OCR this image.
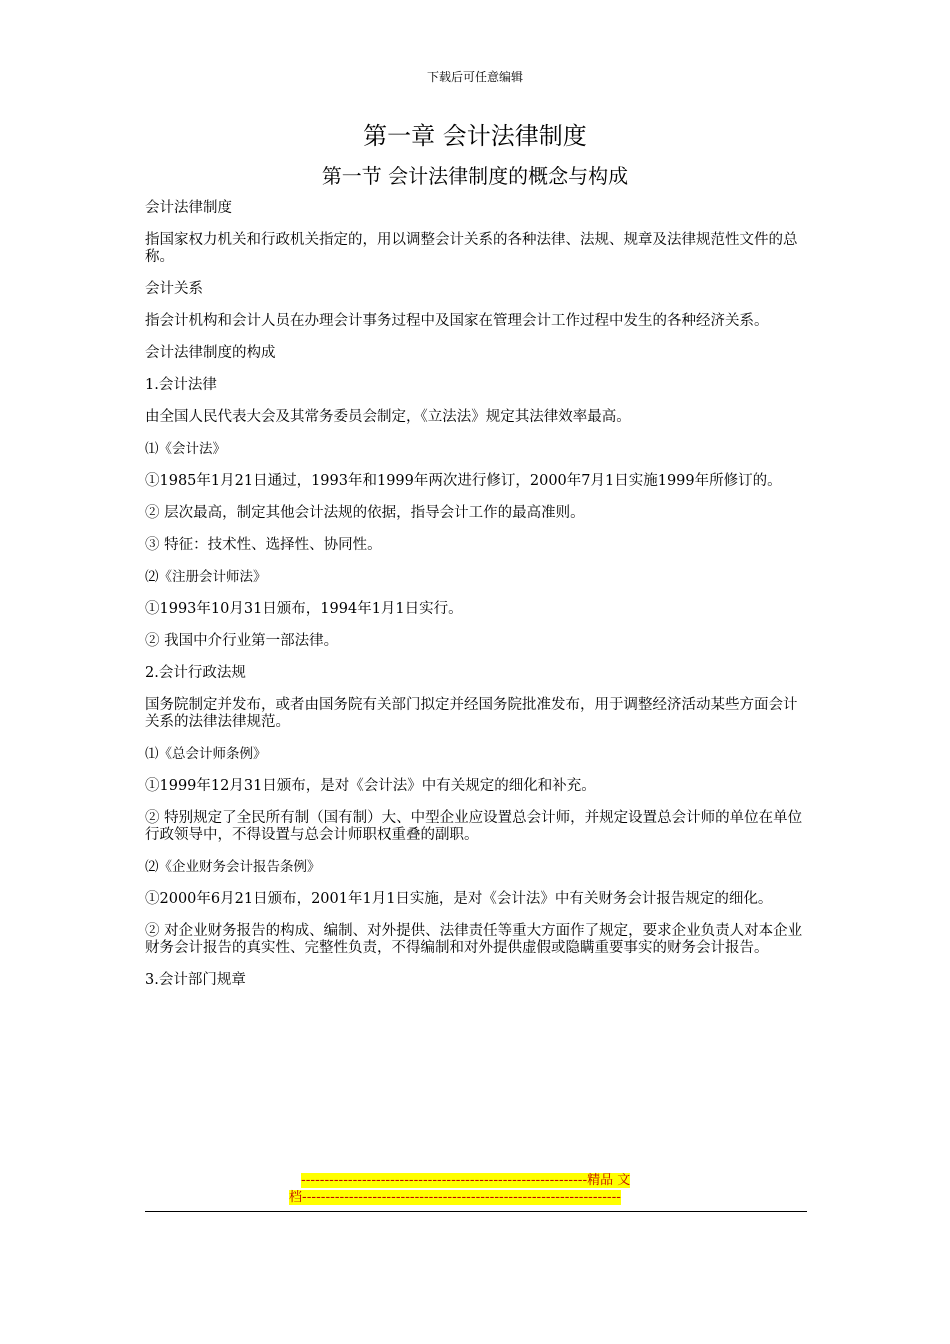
下载后可任意编辑
第一章 会计法律制度
第一节 会计法律制度的概念与构成

会计法律制度

指国家权力机关和行政机关指定的，用以调整会计关系的各种法律、法规、规章及法律规范性文件的总称。

会计关系

指会计机构和会计人员在办理会计事务过程中及国家在管理会计工作过程中发生的各种经济关系。

会计法律制度的构成

1.会计法律

由全国人民代表大会及其常务委员会制定，《立法法》规定其法律效率最高。

⑴《会计法》

①1985年1月21日通过，1993年和1999年两次进行修订，2000年7月1日实施1999年所修订的。

② 层次最高，制定其他会计法规的依据，指导会计工作的最高准则。

③ 特征：技术性、选择性、协同性。

⑵《注册会计师法》

①1993年10月31日颁布，1994年1月1日实行。

② 我国中介行业第一部法律。

2.会计行政法规

国务院制定并发布，或者由国务院有关部门拟定并经国务院批准发布，用于调整经济活动某些方面会计关系的法律法律规范。

⑴《总会计师条例》

①1999年12月31日颁布，是对《会计法》中有关规定的细化和补充。

② 特别规定了全民所有制（国有制）大、中型企业应设置总会计师，并规定设置总会计师的单位在单位行政领导中，不得设置与总会计师职权重叠的副职。

⑵《企业财务会计报告条例》

①2000年6月21日颁布，2001年1月1日实施，是对《会计法》中有关财务会计报告规定的细化。

② 对企业财务报告的构成、编制、对外提供、法律责任等重大方面作了规定，要求企业负责人对本企业财务会计报告的真实性、完整性负责，不得编制和对外提供虚假或隐瞒重要事实的财务会计报告。

3.会计部门规章

-------------------------------------------------------------精品 文
档--------------------------------------------------------------------
